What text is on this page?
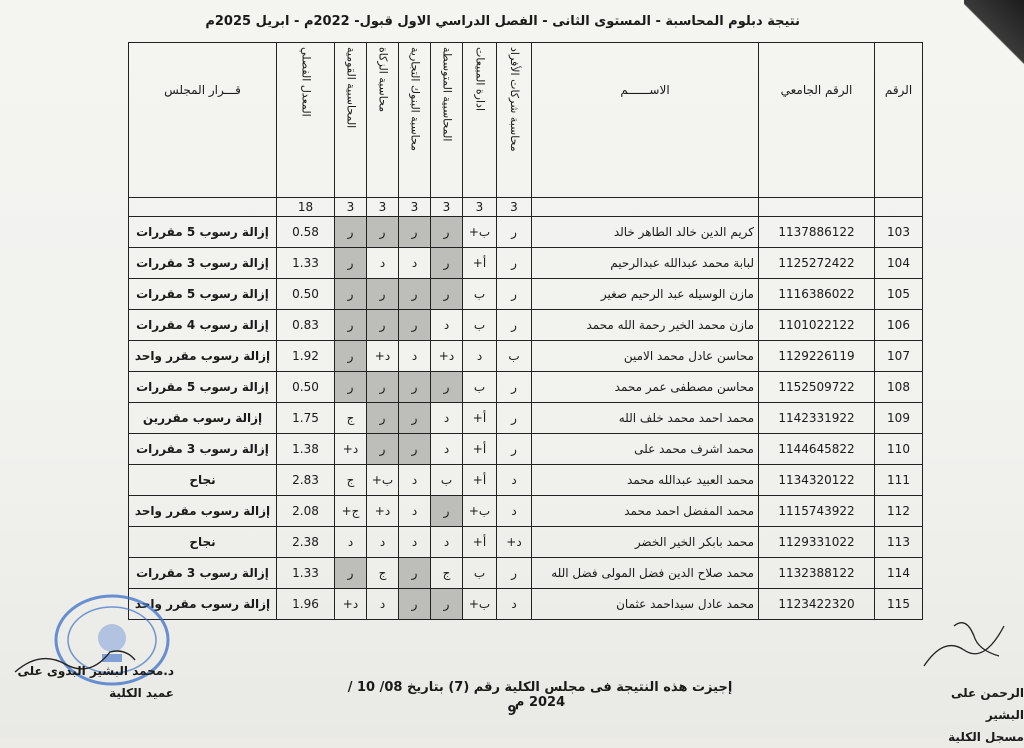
نتيجة دبلوم المحاسبة - المستوى الثانى - الفصل الدراسي الاول قبول- 2022م - ابريل 2025م
الرقم	الرقم الجامعي	الاســــــم	محاسبة شركات الأفراد	ادارة المبيعات	المحاسبية المتوسطة	محاسبة البنوك التجارية	محاسبة الزكاة	المحاسبية القومية	المعدل الفصلي	قـــرار المجلس

			3	3	3	3	3	3	18	
103	1137886122	كريم الدين خالد الطاهر خالد	ر	ب+	ر	ر	ر	ر	0.58	إزالة رسوب 5 مقررات
104	1125272422	لبابة محمد عبدالله عبدالرحيم	ر	أ+	ر	د	د	ر	1.33	إزالة رسوب 3 مقررات
105	1116386022	مازن الوسيله عبد الرحيم صغير	ر	ب	ر	ر	ر	ر	0.50	إزالة رسوب 5 مقررات
106	1101022122	مازن محمد الخير رحمة الله محمد	ر	ب	د	ر	ر	ر	0.83	إزالة رسوب 4 مقررات
107	1129226119	محاسن عادل محمد الامين	ب	د	د+	د	د+	ر	1.92	إزالة رسوب مقرر واحد
108	1152509722	محاسن مصطفى عمر محمد	ر	ب	ر	ر	ر	ر	0.50	إزالة رسوب 5 مقررات
109	1142331922	محمد احمد محمد خلف الله	ر	أ+	د	ر	ر	ج	1.75	إزالة رسوب مقررين
110	1144645822	محمد اشرف محمد على	ر	أ+	د	ر	ر	د+	1.38	إزالة رسوب 3 مقررات
111	1134320122	محمد العبيد عبدالله محمد	د	أ+	ب	د	ب+	ج	2.83	نجاح
112	1115743922	محمد المفضل احمد محمد	د	ب+	ر	د	د+	ج+	2.08	إزالة رسوب مقرر واحد
113	1129331022	محمد بابكر الخير الخضر	د+	أ+	د	د	د	د	2.38	نجاح
114	1132388122	محمد صلاح الدين فضل المولى فضل الله	ر	ب	ج	ر	ج	ر	1.33	إزالة رسوب 3 مقررات
115	1123422320	محمد عادل سيداحمد عثمان	د	ب+	ر	ر	د	د+	1.96	إزالة رسوب مقرر واحد
د.محمد البشير البدوى على
عميد الكلية	إجيزت هذه النتيجة فى مجلس الكلية رقم (7) بتاريخ 08/ 10 / 2024 م
9
الرحمن على البشير
مسجل الكلية
